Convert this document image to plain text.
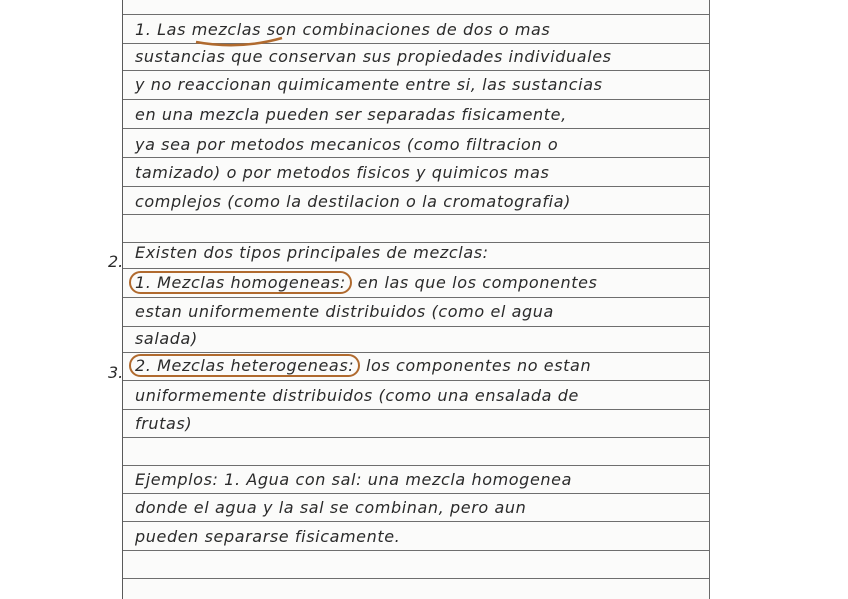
1. Las mezclas son combinaciones de dos o mas
sustancias que conservan sus propiedades individuales
y no reaccionan quimicamente entre si, las sustancias
en una mezcla pueden ser separadas fisicamente,
ya sea por metodos mecanicos (como filtracion o
tamizado) o por metodos fisicos y quimicos mas
complejos (como la destilacion o la cromatografia)
Existen dos tipos principales de mezclas:
1. Mezclas homogeneas: en las que los componentes
estan uniformemente distribuidos (como el agua
salada)
2. Mezclas heterogeneas: los componentes no estan
uniformemente distribuidos (como una ensalada de
frutas)
Ejemplos: 1. Agua con sal: una mezcla homogenea
donde el agua y la sal se combinan, pero aun
pueden separarse fisicamente.
2.
3.
